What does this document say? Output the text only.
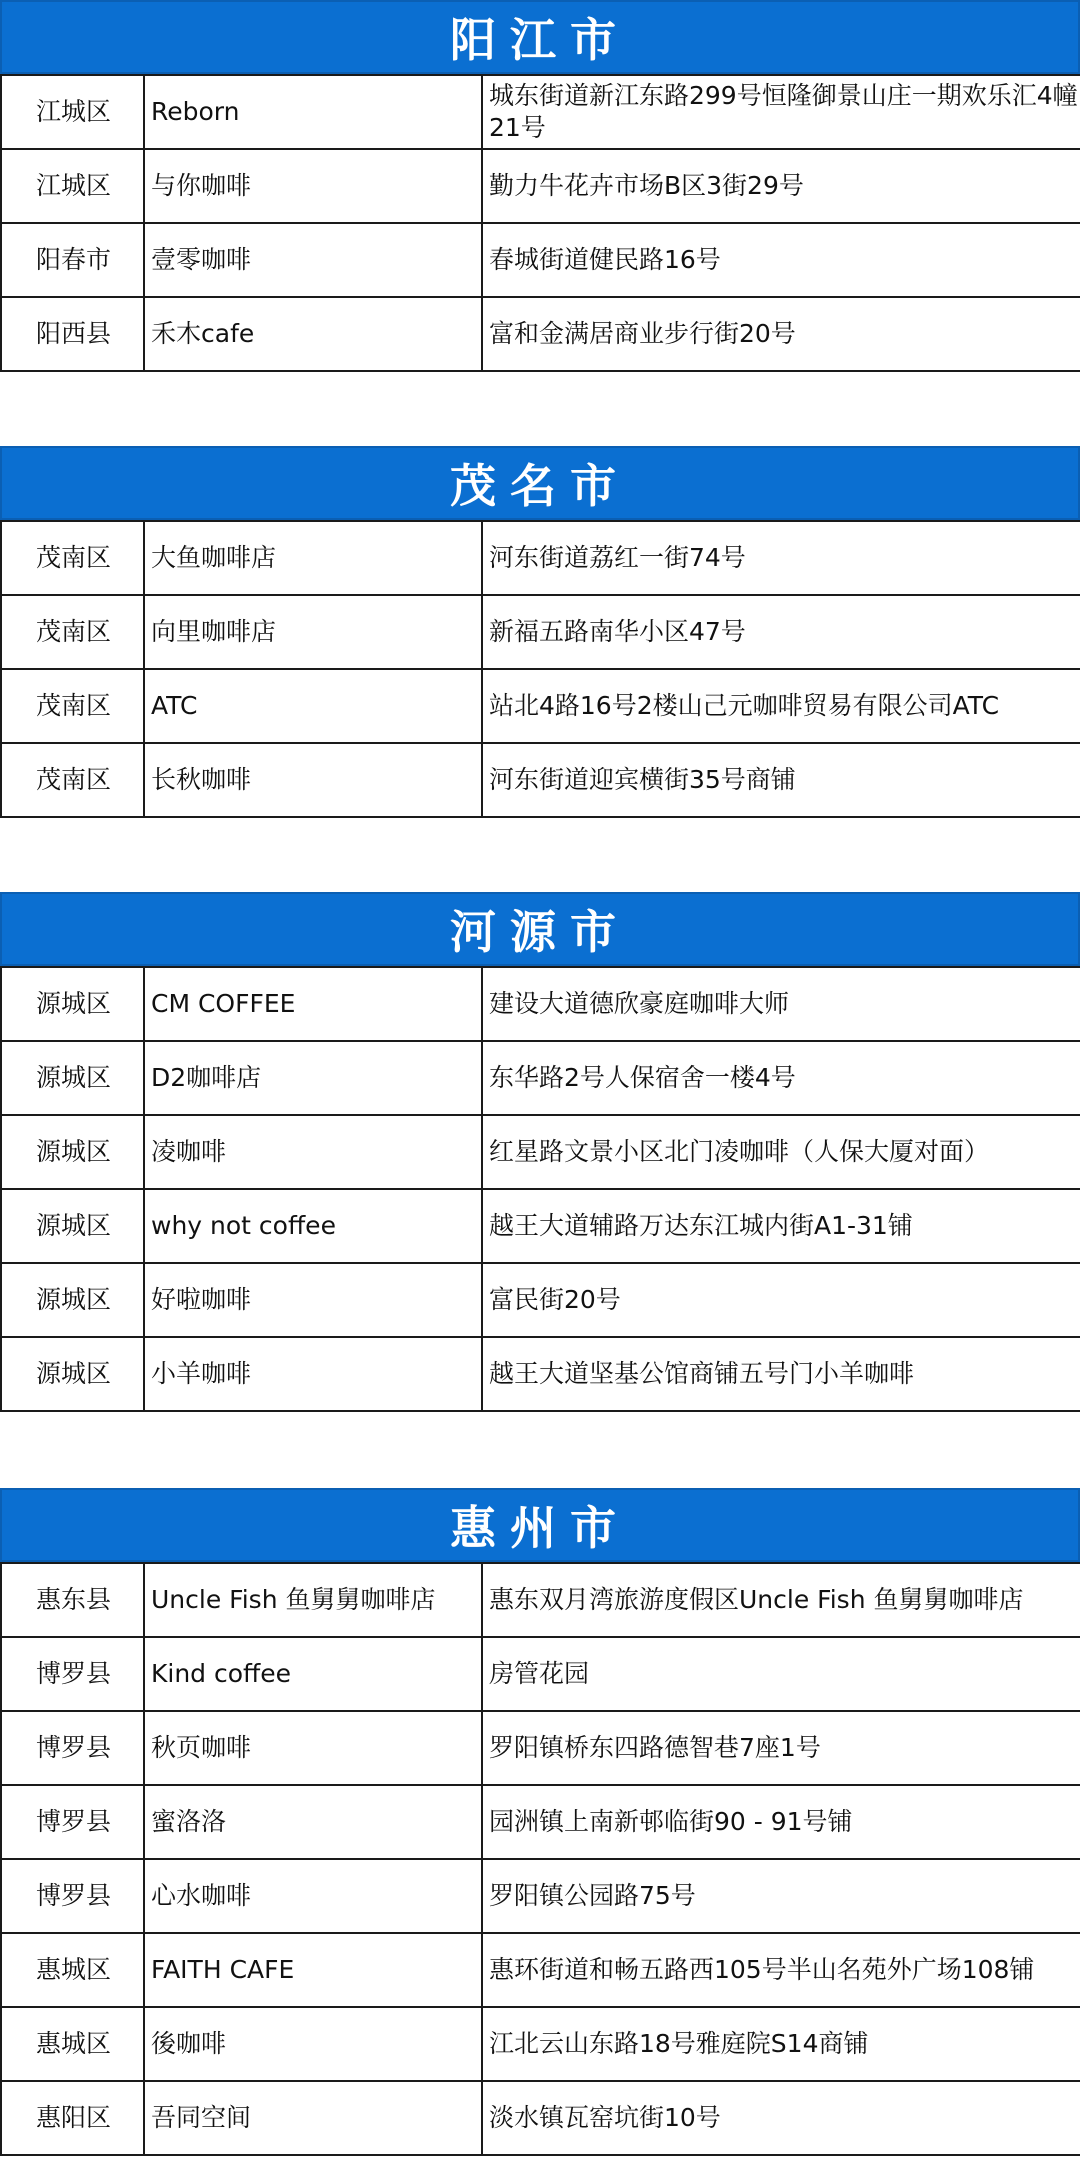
阳江市
江城区	Reborn	城东街道新江东路299号恒隆御景山庄一期欢乐汇4幢21号
江城区	与你咖啡	勤力牛花卉市场B区3街29号
阳春市	壹零咖啡	春城街道健民路16号
阳西县	禾木cafe	富和金满居商业步行街20号
茂名市
茂南区	大鱼咖啡店	河东街道荔红一街74号
茂南区	向里咖啡店	新福五路南华小区47号
茂南区	ATC	站北4路16号2楼山己元咖啡贸易有限公司ATC
茂南区	长秋咖啡	河东街道迎宾横街35号商铺
河源市
源城区	CM COFFEE	建设大道德欣豪庭咖啡大师
源城区	D2咖啡店	东华路2号人保宿舍一楼4号
源城区	凌咖啡	红星路文景小区北门凌咖啡（人保大厦对面）
源城区	why not coffee	越王大道辅路万达东江城内街A1-31铺
源城区	好啦咖啡	富民街20号
源城区	小羊咖啡	越王大道坚基公馆商铺五号门小羊咖啡
惠州市
惠东县	Uncle Fish 鱼舅舅咖啡店	惠东双月湾旅游度假区Uncle Fish 鱼舅舅咖啡店
博罗县	Kind coffee	房管花园
博罗县	秋页咖啡	罗阳镇桥东四路德智巷7座1号
博罗县	蜜洛洛	园洲镇上南新邨临街90 - 91号铺
博罗县	心水咖啡	罗阳镇公园路75号
惠城区	FAITH CAFE	惠环街道和畅五路西105号半山名苑外广场108铺
惠城区	後咖啡	江北云山东路18号雅庭院S14商铺
惠阳区	吾同空间	淡水镇瓦窑坑街10号
